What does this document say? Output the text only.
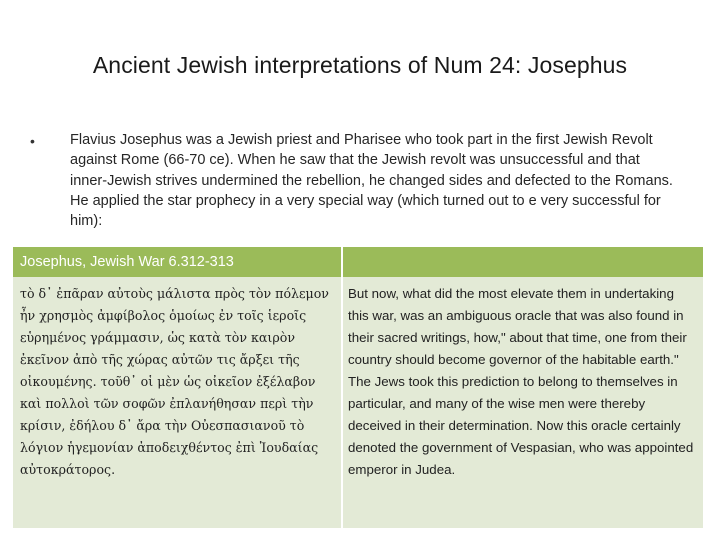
Ancient Jewish interpretations of Num 24: Josephus
• Flavius Josephus was a Jewish priest and Pharisee who took part in the first Jewish Revolt against Rome (66-70 ce). When he saw that the Jewish revolt was unsuccessful and that inner-Jewish strives undermined the rebellion, he changed sides and defected to the Romans. He applied the star prophecy in a very special way (which turned out to e very successful for him):
Josephus, Jewish War 6.312-313
τὸ δ᾽ ἐπᾶραν αὐτοὺς μάλιστα πρὸς τὸν πόλεμον ἦν χρησμὸς ἀμφίβολος ὁμοίως ἐν τοῖς ἱεροῖς εὑρημένος γράμμασιν, ὡς κατὰ τὸν καιρὸν ἐκεῖνον ἀπὸ τῆς χώρας αὐτῶν τις ἄρξει τῆς οἰκουμένης. τοῦθ᾽ οἱ μὲν ὡς οἰκεῖον ἐξέλαβον καὶ πολλοὶ τῶν σοφῶν ἐπλανήθησαν περὶ τὴν κρίσιν, ἐδήλου δ᾽ ἄρα τὴν Οὐεσπασιανοῦ τὸ λόγιον ἡγεμονίαν ἀποδειχθέντος ἐπὶ Ἰουδαίας αὐτοκράτορος.
But now, what did the most elevate them in undertaking this war, was an ambiguous oracle that was also found in their sacred writings, how," about that time, one from their country should become governor of the habitable earth." The Jews took this prediction to belong to themselves in particular, and many of the wise men were thereby deceived in their determination. Now this oracle certainly denoted the government of Vespasian, who was appointed emperor in Judea.
